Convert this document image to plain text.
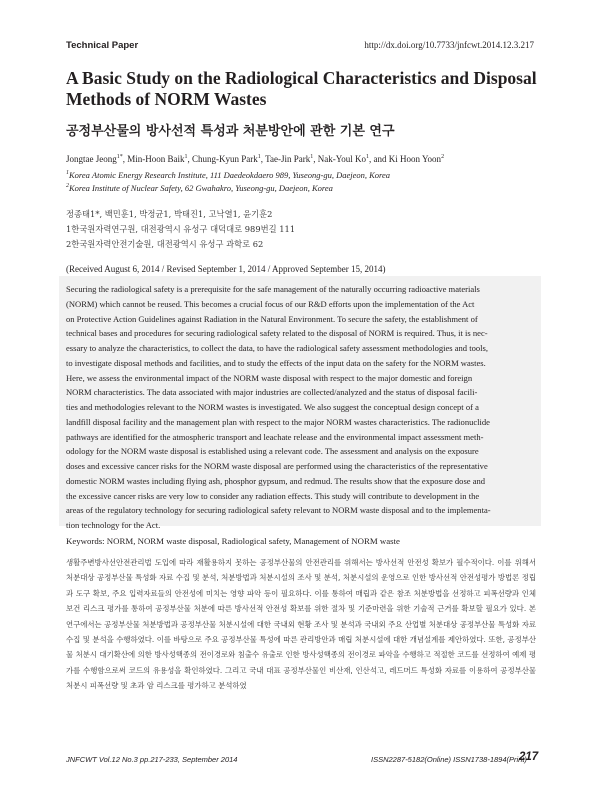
Technical Paper	http://dx.doi.org/10.7733/jnfcwt.2014.12.3.217
A Basic Study on the Radiological Characteristics and Disposal Methods of NORM Wastes
공정부산물의 방사선적 특성과 처분방안에 관한 기본 연구
Jongtae Jeong$^{1*}$, Min-Hoon Baik$^1$, Chung-Kyun Park$^1$, Tae-Jin Park$^1$, Nak-Youl Ko$^1$, and Ki Hoon Yoon$^2$
$^1$Korea Atomic Energy Research Institute, 111 Daedeokdaero 989, Yuseong-gu, Daejeon, Korea
$^2$Korea Institute of Nuclear Safety, 62 Gwahakro, Yuseong-gu, Daejeon, Korea
정종태1*, 백민훈1, 박정균1, 박태진1, 고낙열1, 윤기훈2
1한국원자력연구원, 대전광역시 유성구 대덕대로 989번길 111
2한국원자력안전기술원, 대전광역시 유성구 과학로 62
(Received August 6, 2014 / Revised September 1, 2014 / Approved September 15, 2014)

Securing the radiological safety is a prerequisite for the safe management of the naturally occurring radioactive materials
(NORM) which cannot be reused. This becomes a crucial focus of our R&D efforts upon the implementation of the Act
on Protective Action Guidelines against Radiation in the Natural Environment. To secure the safety, the establishment of
technical bases and procedures for securing radiological safety related to the disposal of NORM is required. Thus, it is nec-
essary to analyze the characteristics, to collect the data, to have the radiological safety assessment methodologies and tools,
to investigate disposal methods and facilities, and to study the effects of the input data on the safety for the NORM wastes.
Here, we assess the environmental impact of the NORM waste disposal with respect to the major domestic and foreign
NORM characteristics. The data associated with major industries are collected/analyzed and the status of disposal facili-
ties and methodologies relevant to the NORM wastes is investigated. We also suggest the conceptual design concept of a
landfill disposal facility and the management plan with respect to the major NORM wastes characteristics. The radionuclide
pathways are identified for the atmospheric transport and leachate release and the environmental impact assessment meth-
odology for the NORM waste disposal is established using a relevant code. The assessment and analysis on the exposure
doses and excessive cancer risks for the NORM waste disposal are performed using the characteristics of the representative
domestic NORM wastes including flying ash, phosphor gypsum, and redmud. The results show that the exposure dose and
the excessive cancer risks are very low to consider any radiation effects. This study will contribute to development in the
areas of the regulatory technology for securing radiological safety relevant to NORM waste disposal and to the implementa-
tion technology for the Act.

Keywords: NORM, NORM waste disposal, Radiological safety, Management of NORM waste

생활주변방사선안전관리법 도입에 따라 재활용하지 못하는 공정부산물의 안전관리를 위해서는 방사선적 안전성 확보가 필수적이다. 이를 위해서 처분대상 공정부산물 특성화 자료 수집 및 분석, 처분방법과 처분시설의 조사 및 분석, 처분시설의 운영으로 인한 방사선적 안전성평가 방법론 정립과 도구 확보, 주요 입력자료들의 안전성에 미치는 영향 파악 등이 필요하다. 이를 통하여 매립과 같은 참조 처분방법을 선정하고 피폭선량과 인체보건 리스크 평가를 통하여 공정부산물 처분에 따른 방사선적 안전성 확보를 위한 절차 및 기준마련을 위한 기술적 근거를 확보할 필요가 있다. 본 연구에서는 공정부산물 처분방법과 공정부산물 처분시설에 대한 국내외 현황 조사 및 분석과 국내외 주요 산업별 처분대상 공정부산물 특성화 자료 수집 및 분석을 수행하였다. 이를 바탕으로 주요 공정부산물 특성에 따른 관리방안과 매립 처분시설에 대한 개념설계를 제안하였다. 또한, 공정부산물 처분시 대기확산에 의한 방사성핵종의 전이경로와 침출수 유출로 인한 방사성핵종의 전이경로 파악을 수행하고 적절한 코드를 선정하여 예제 평가를 수행함으로써 코드의 유용성을 확인하였다. 그리고 국내 대표 공정부산물인 비산재, 인산석고, 레드머드 특성화 자료를 이용하여 공정부산물 처분시 피폭선량 및 초과 암 리스크를 평가하고 분석하였

JNFCWT Vol.12 No.3 pp.217-233, September 2014	ISSN2287-5182(Online) ISSN1738-1894(Print)
217
